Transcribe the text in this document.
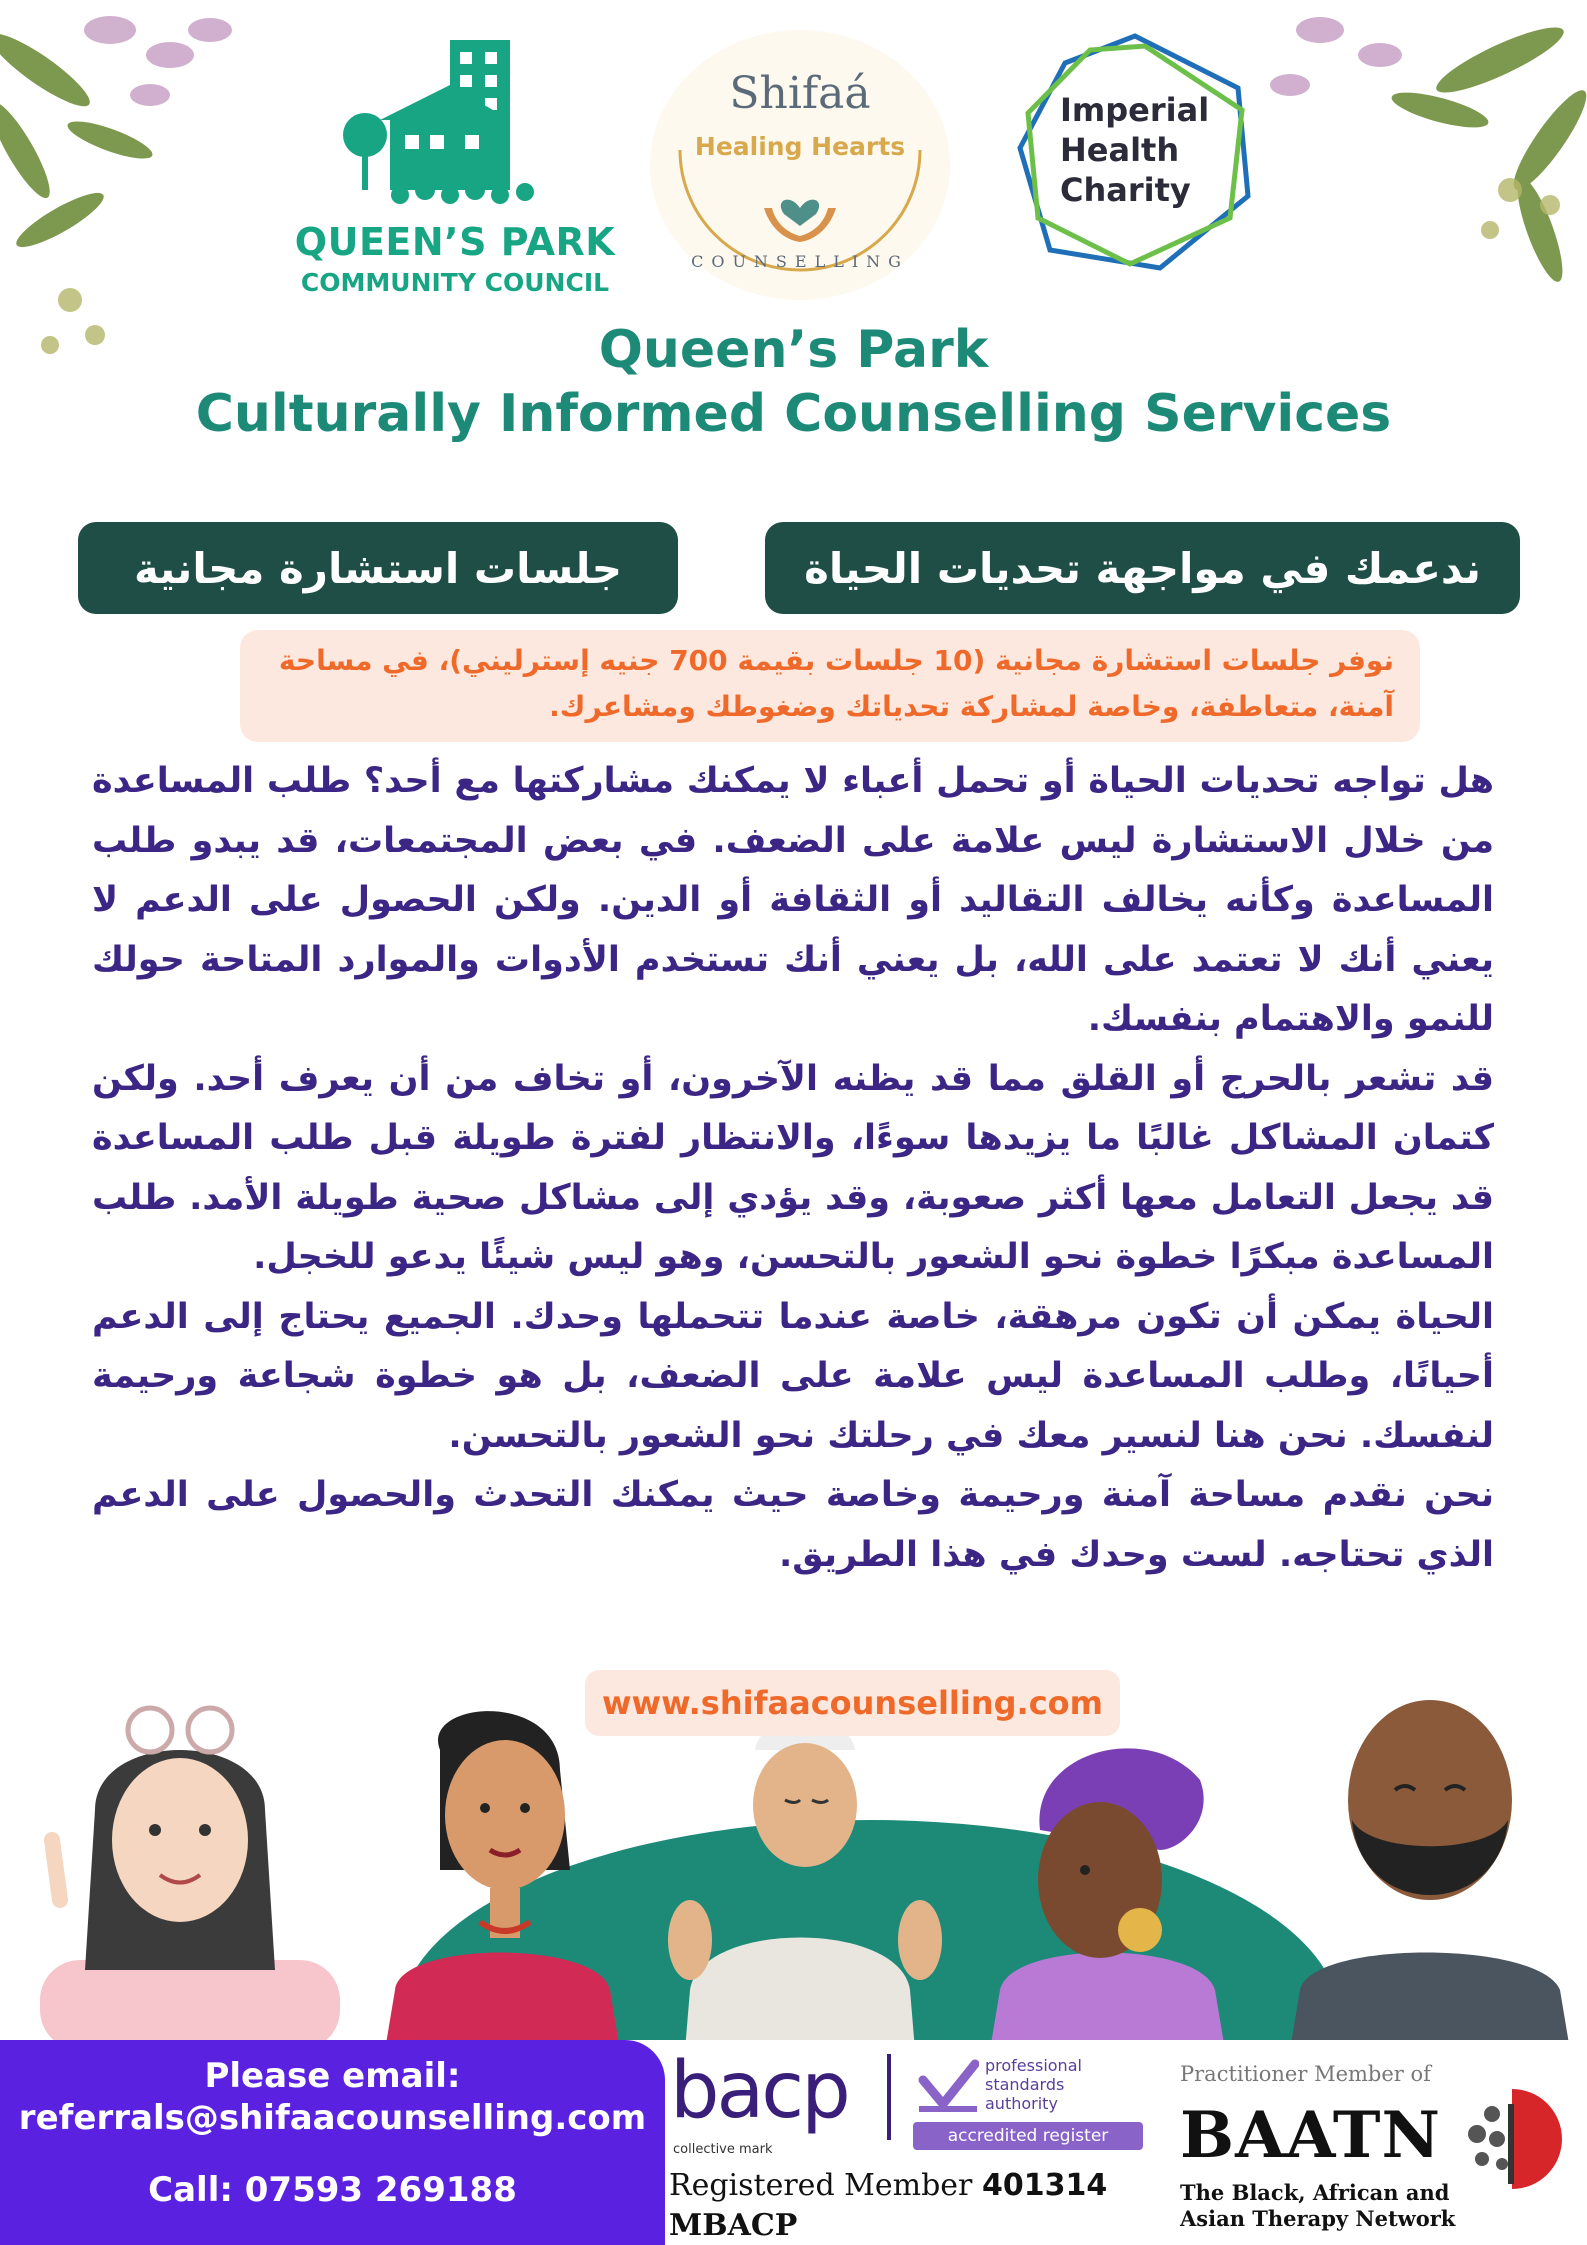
QUEEN’S PARK
COMMUNITY COUNCIL
Shifaá
Healing Hearts
COUNSELLING
Imperial
Health
Charity
Queen’s Park
Culturally Informed Counselling Services
جلسات استشارة مجانية	ندعمك في مواجهة تحديات الحياة
نوفر جلسات استشارة مجانية (10 جلسات بقيمة 700 جنيه إسترليني)، في مساحة آمنة، متعاطفة، وخاصة لمشاركة تحدياتك وضغوطك ومشاعرك.

هل تواجه تحديات الحياة أو تحمل أعباء لا يمكنك مشاركتها مع أحد؟ طلب المساعدة من خلال الاستشارة ليس علامة على الضعف. في بعض المجتمعات، قد يبدو طلب المساعدة وكأنه يخالف التقاليد أو الثقافة أو الدين. ولكن الحصول على الدعم لا يعني أنك لا تعتمد على الله، بل يعني أنك تستخدم الأدوات والموارد المتاحة حولك للنمو والاهتمام بنفسك.

قد تشعر بالحرج أو القلق مما قد يظنه الآخرون، أو تخاف من أن يعرف أحد. ولكن كتمان المشاكل غالبًا ما يزيدها سوءًا، والانتظار لفترة طويلة قبل طلب المساعدة قد يجعل التعامل معها أكثر صعوبة، وقد يؤدي إلى مشاكل صحية طويلة الأمد. طلب المساعدة مبكرًا خطوة نحو الشعور بالتحسن، وهو ليس شيئًا يدعو للخجل.

الحياة يمكن أن تكون مرهقة، خاصة عندما تتحملها وحدك. الجميع يحتاج إلى الدعم أحيانًا، وطلب المساعدة ليس علامة على الضعف، بل هو خطوة شجاعة ورحيمة لنفسك. نحن هنا لنسير معك في رحلتك نحو الشعور بالتحسن.

نحن نقدم مساحة آمنة ورحيمة وخاصة حيث يمكنك التحدث والحصول على الدعم الذي تحتاجه. لست وحدك في هذا الطريق.

www.shifaacounselling.com
Please email:
referrals@shifaacounselling.com
Call: 07593 269188
bacp
collective mark
professional
standards
authority
accredited register
Registered Member 401314
MBACP
Practitioner Member of
BAATN
The Black, African and
Asian Therapy Network
